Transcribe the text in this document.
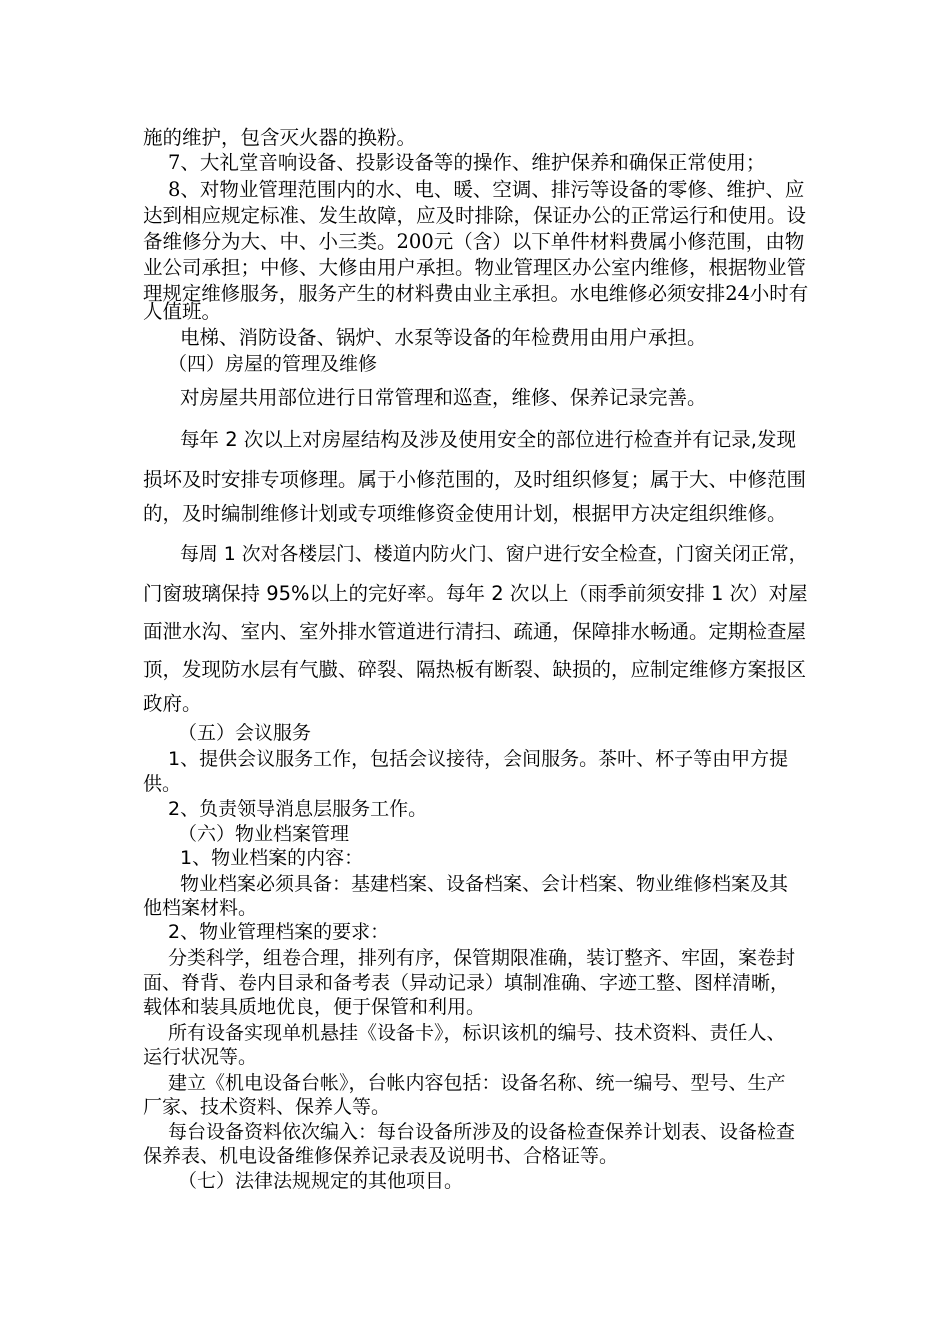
施的维护，包含灭火器的换粉。

7、大礼堂音响设备、投影设备等的操作、维护保养和确保正常使用；

8、对物业管理范围内的水、电、暖、空调、排污等设备的零修、维护、应

达到相应规定标准、发生故障，应及时排除，保证办公的正常运行和使用。设

备维修分为大、中、小三类。200元（含）以下单件材料费属小修范围，由物

业公司承担；中修、大修由用户承担。物业管理区办公室内维修，根据物业管

理规定维修服务，服务产生的材料费由业主承担。水电维修必须安排24小时有

人值班。

电梯、消防设备、锅炉、水泵等设备的年检费用由用户承担。

（四）房屋的管理及维修

对房屋共用部位进行日常管理和巡查，维修、保养记录完善。

每年 2 次以上对房屋结构及涉及使用安全的部位进行检查并有记录,发现

损坏及时安排专项修理。属于小修范围的，及时组织修复；属于大、中修范围

的，及时编制维修计划或专项维修资金使用计划，根据甲方决定组织维修。

每周 1 次对各楼层门、楼道内防火门、窗户进行安全检查，门窗关闭正常，

门窗玻璃保持 95%以上的完好率。每年 2 次以上（雨季前须安排 1 次）对屋

面泄水沟、室内、室外排水管道进行清扫、疏通，保障排水畅通。定期检查屋

顶，发现防水层有气臌、碎裂、隔热板有断裂、缺损的，应制定维修方案报区

政府。

（五）会议服务

1、提供会议服务工作，包括会议接待，会间服务。茶叶、杯子等由甲方提

供。

2、负责领导消息层服务工作。

（六）物业档案管理

1、物业档案的内容：

物业档案必须具备：基建档案、设备档案、会计档案、物业维修档案及其

他档案材料。

2、物业管理档案的要求：

分类科学，组卷合理，排列有序，保管期限准确，装订整齐、牢固，案卷封

面、脊背、卷内目录和备考表（异动记录）填制准确、字迹工整、图样清晰，

载体和装具质地优良，便于保管和利用。

所有设备实现单机悬挂《设备卡》，标识该机的编号、技术资料、责任人、

运行状况等。

建立《机电设备台帐》，台帐内容包括：设备名称、统一编号、型号、生产

厂家、技术资料、保养人等。

每台设备资料依次编入：每台设备所涉及的设备检查保养计划表、设备检查

保养表、机电设备维修保养记录表及说明书、合格证等。

（七）法律法规规定的其他项目。
